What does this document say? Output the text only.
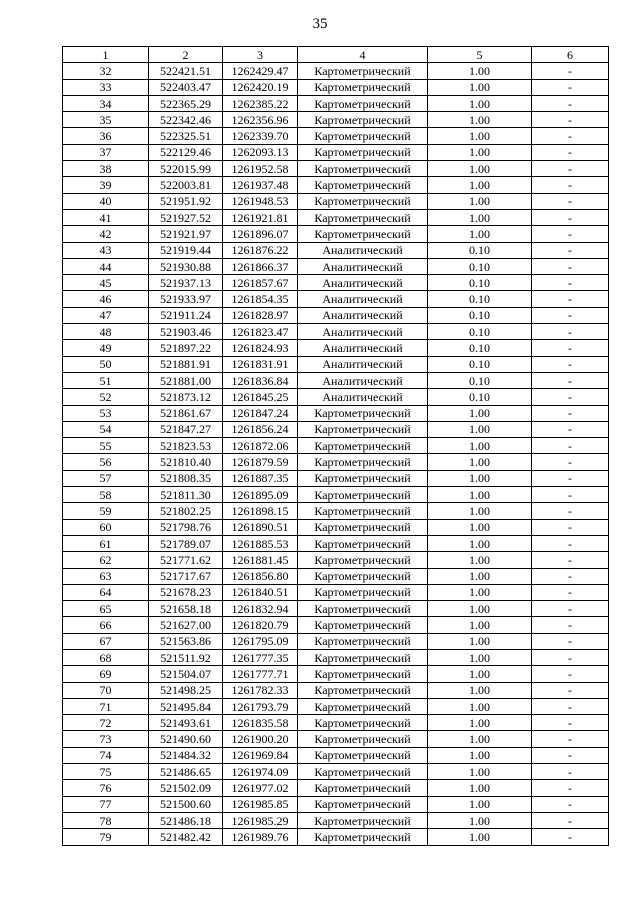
35
1	2	3	4	5	6
32	522421.51	1262429.47	Картометрический	1.00	-
33	522403.47	1262420.19	Картометрический	1.00	-
34	522365.29	1262385.22	Картометрический	1.00	-
35	522342.46	1262356.96	Картометрический	1.00	-
36	522325.51	1262339.70	Картометрический	1.00	-
37	522129.46	1262093.13	Картометрический	1.00	-
38	522015.99	1261952.58	Картометрический	1.00	-
39	522003.81	1261937.48	Картометрический	1.00	-
40	521951.92	1261948.53	Картометрический	1.00	-
41	521927.52	1261921.81	Картометрический	1.00	-
42	521921.97	1261896.07	Картометрический	1.00	-
43	521919.44	1261876.22	Аналитический	0.10	-
44	521930.88	1261866.37	Аналитический	0.10	-
45	521937.13	1261857.67	Аналитический	0.10	-
46	521933.97	1261854.35	Аналитический	0.10	-
47	521911.24	1261828.97	Аналитический	0.10	-
48	521903.46	1261823.47	Аналитический	0.10	-
49	521897.22	1261824.93	Аналитический	0.10	-
50	521881.91	1261831.91	Аналитический	0.10	-
51	521881.00	1261836.84	Аналитический	0.10	-
52	521873.12	1261845.25	Аналитический	0.10	-
53	521861.67	1261847.24	Картометрический	1.00	-
54	521847.27	1261856.24	Картометрический	1.00	-
55	521823.53	1261872.06	Картометрический	1.00	-
56	521810.40	1261879.59	Картометрический	1.00	-
57	521808.35	1261887.35	Картометрический	1.00	-
58	521811.30	1261895.09	Картометрический	1.00	-
59	521802.25	1261898.15	Картометрический	1.00	-
60	521798.76	1261890.51	Картометрический	1.00	-
61	521789.07	1261885.53	Картометрический	1.00	-
62	521771.62	1261881.45	Картометрический	1.00	-
63	521717.67	1261856.80	Картометрический	1.00	-
64	521678.23	1261840.51	Картометрический	1.00	-
65	521658.18	1261832.94	Картометрический	1.00	-
66	521627.00	1261820.79	Картометрический	1.00	-
67	521563.86	1261795.09	Картометрический	1.00	-
68	521511.92	1261777.35	Картометрический	1.00	-
69	521504.07	1261777.71	Картометрический	1.00	-
70	521498.25	1261782.33	Картометрический	1.00	-
71	521495.84	1261793.79	Картометрический	1.00	-
72	521493.61	1261835.58	Картометрический	1.00	-
73	521490.60	1261900.20	Картометрический	1.00	-
74	521484.32	1261969.84	Картометрический	1.00	-
75	521486.65	1261974.09	Картометрический	1.00	-
76	521502.09	1261977.02	Картометрический	1.00	-
77	521500.60	1261985.85	Картометрический	1.00	-
78	521486.18	1261985.29	Картометрический	1.00	-
79	521482.42	1261989.76	Картометрический	1.00	-
